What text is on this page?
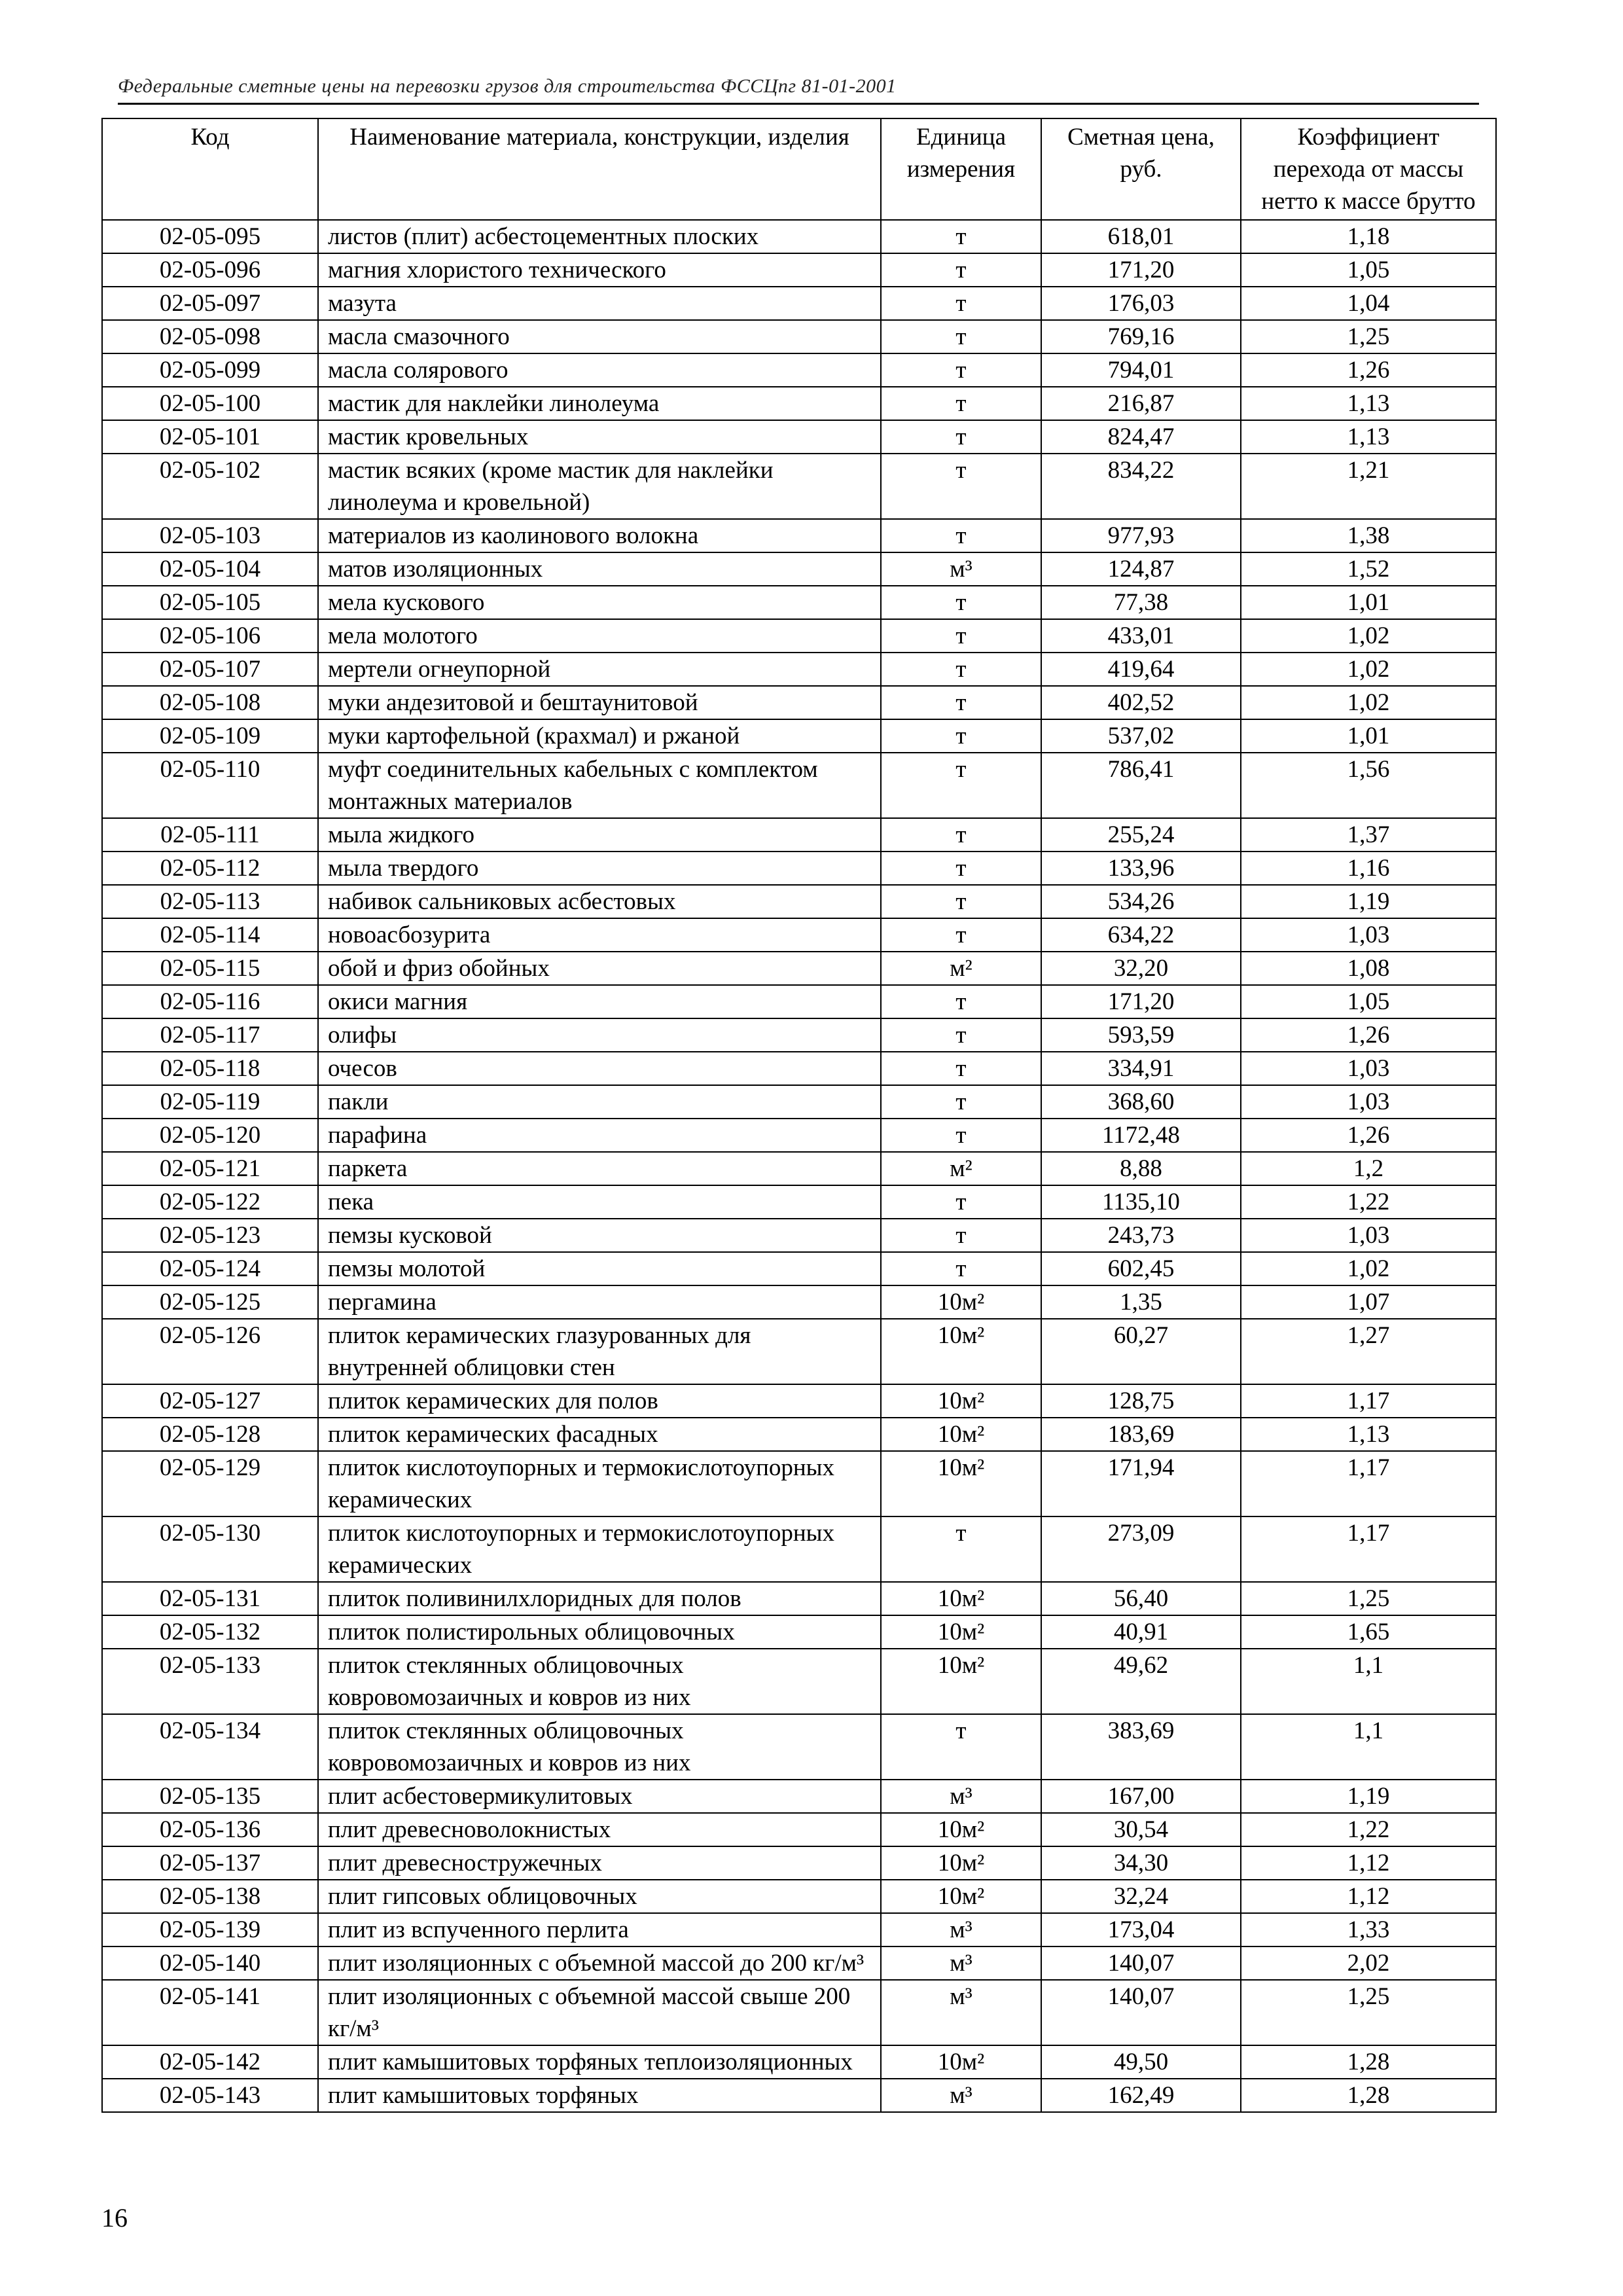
Федеральные сметные цены на перевозки грузов для строительства ФССЦпг 81-01-2001
Код	Наименование материала, конструкции, изделия	Единица измерения	Сметная цена, руб.	Коэффициент перехода от массы нетто к массе брутто
02-05-095	листов (плит) асбестоцементных плоских	т	618,01	1,18
02-05-096	магния хлористого технического	т	171,20	1,05
02-05-097	мазута	т	176,03	1,04
02-05-098	масла смазочного	т	769,16	1,25
02-05-099	масла солярового	т	794,01	1,26
02-05-100	мастик для наклейки линолеума	т	216,87	1,13
02-05-101	мастик кровельных	т	824,47	1,13
02-05-102	мастик всяких (кроме мастик для наклейки линолеума и кровельной)	т	834,22	1,21
02-05-103	материалов из каолинового волокна	т	977,93	1,38
02-05-104	матов изоляционных	м³	124,87	1,52
02-05-105	мела кускового	т	77,38	1,01
02-05-106	мела молотого	т	433,01	1,02
02-05-107	мертели огнеупорной	т	419,64	1,02
02-05-108	муки андезитовой и бештаунитовой	т	402,52	1,02
02-05-109	муки картофельной (крахмал) и ржаной	т	537,02	1,01
02-05-110	муфт соединительных кабельных с комплектом монтажных материалов	т	786,41	1,56
02-05-111	мыла жидкого	т	255,24	1,37
02-05-112	мыла твердого	т	133,96	1,16
02-05-113	набивок сальниковых асбестовых	т	534,26	1,19
02-05-114	новоасбозурита	т	634,22	1,03
02-05-115	обой и фриз обойных	м²	32,20	1,08
02-05-116	окиси магния	т	171,20	1,05
02-05-117	олифы	т	593,59	1,26
02-05-118	очесов	т	334,91	1,03
02-05-119	пакли	т	368,60	1,03
02-05-120	парафина	т	1172,48	1,26
02-05-121	паркета	м²	8,88	1,2
02-05-122	пека	т	1135,10	1,22
02-05-123	пемзы кусковой	т	243,73	1,03
02-05-124	пемзы молотой	т	602,45	1,02
02-05-125	пергамина	10м²	1,35	1,07
02-05-126	плиток керамических глазурованных для внутренней облицовки стен	10м²	60,27	1,27
02-05-127	плиток керамических для полов	10м²	128,75	1,17
02-05-128	плиток керамических фасадных	10м²	183,69	1,13
02-05-129	плиток кислотоупорных и термокислотоупорных керамических	10м²	171,94	1,17
02-05-130	плиток кислотоупорных и термокислотоупорных керамических	т	273,09	1,17
02-05-131	плиток поливинилхлоридных для полов	10м²	56,40	1,25
02-05-132	плиток полистирольных облицовочных	10м²	40,91	1,65
02-05-133	плиток стеклянных облицовочных ковровомозаичных и ковров из них	10м²	49,62	1,1
02-05-134	плиток стеклянных облицовочных ковровомозаичных и ковров из них	т	383,69	1,1
02-05-135	плит асбестовермикулитовых	м³	167,00	1,19
02-05-136	плит древесноволокнистых	10м²	30,54	1,22
02-05-137	плит древесностружечных	10м²	34,30	1,12
02-05-138	плит гипсовых облицовочных	10м²	32,24	1,12
02-05-139	плит из вспученного перлита	м³	173,04	1,33
02-05-140	плит изоляционных с объемной массой до 200 кг/м³	м³	140,07	2,02
02-05-141	плит изоляционных с объемной массой свыше 200 кг/м³	м³	140,07	1,25
02-05-142	плит камышитовых торфяных теплоизоляционных	10м²	49,50	1,28
02-05-143	плит камышитовых торфяных	м³	162,49	1,28
16
